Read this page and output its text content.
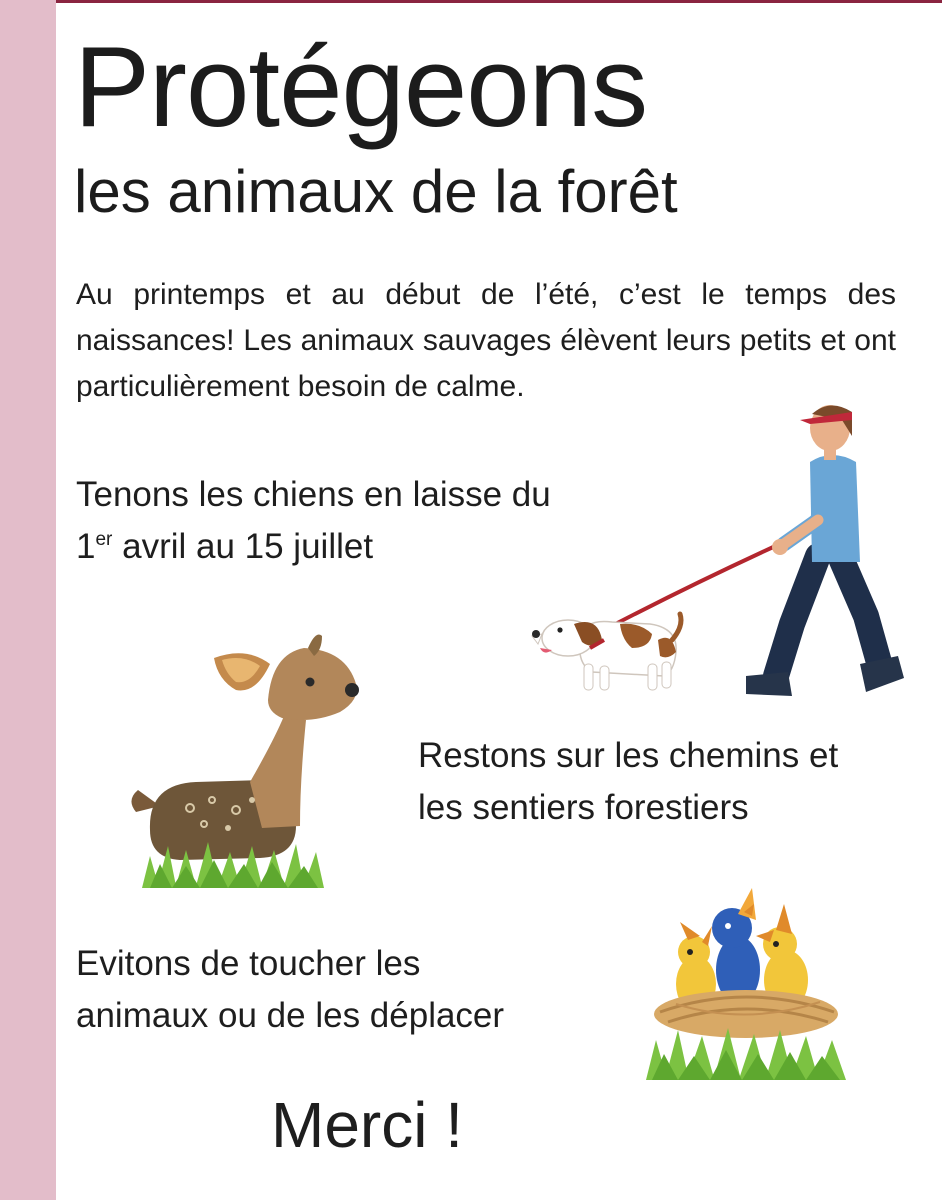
Protégeons
les animaux de la forêt

Au printemps et au début de l’été, c’est le temps des naissances! Les animaux sauvages élèvent leurs petits et ont particulièrement besoin de calme.

Tenons les chiens en laisse du
1er avril au 15 juillet

Restons sur les chemins et
les sentiers forestiers

Evitons de toucher les
animaux ou de les déplacer

Merci !
